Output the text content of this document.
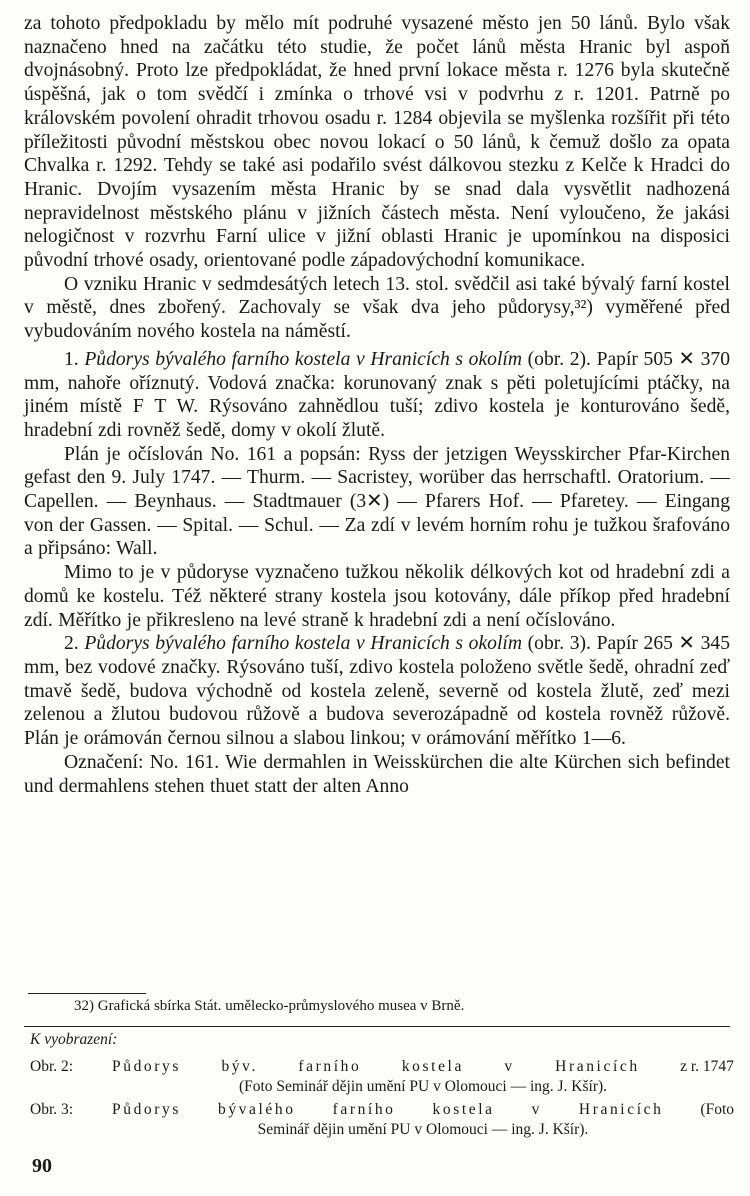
za tohoto předpokladu by mělo mít podruhé vysazené město jen 50 lánů. Bylo však naznačeno hned na začátku této studie, že počet lánů města Hranic byl aspoň dvojnásobný. Proto lze předpokládat, že hned první lokace města r. 1276 byla skutečně úspěšná, jak o tom svědčí i zmínka o trhové vsi v podvrhu z r. 1201. Patrně po královském povolení ohradit trhovou osadu r. 1284 objevila se myšlenka rozšířit při této příležitosti původní městskou obec novou lokací o 50 lánů, k čemuž došlo za opata Chvalka r. 1292. Tehdy se také asi podařilo svést dálkovou stezku z Kelče k Hradci do Hranic. Dvojím vysazením města Hranic by se snad dala vysvětlit nadhozená nepravidelnost městského plánu v jižních částech města. Není vyloučeno, že jakási nelogičnost v rozvrhu Farní ulice v jižní oblasti Hranic je upomínkou na disposici původní trhové osady, orientované podle západovýchodní komunikace.

O vzniku Hranic v sedmdesátých letech 13. stol. svědčil asi také bývalý farní kostel v městě, dnes zbořený. Zachovaly se však dva jeho půdorysy,³²) vyměřené před vybudováním nového kostela na náměstí.

1. Půdorys bývalého farního kostela v Hranicích s okolím (obr. 2). Papír 505 ✕ 370 mm, nahoře oříznutý. Vodová značka: korunovaný znak s pěti poletujícími ptáčky, na jiném místě F T W. Rýsováno zahnědlou tuší; zdivo kostela je konturováno šedě, hradební zdi rovněž šedě, domy v okolí žlutě.

Plán je očíslován No. 161 a popsán: Ryss der jetzigen Weysskircher Pfar-Kirchen gefast den 9. July 1747. — Thurm. — Sacristey, worüber das herrschaftl. Oratorium. — Capellen. — Beynhaus. — Stadtmauer (3✕) — Pfarers Hof. — Pfaretey. — Eingang von der Gassen. — Spital. — Schul. — Za zdí v levém horním rohu je tužkou šrafováno a připsáno: Wall.

Mimo to je v půdoryse vyznačeno tužkou několik délkových kot od hradební zdi a domů ke kostelu. Též některé strany kostela jsou kotovány, dále příkop před hradební zdí. Měřítko je přikresleno na levé straně k hradební zdi a není očíslováno.

2. Půdorys bývalého farního kostela v Hranicích s okolím (obr. 3). Papír 265 ✕ 345 mm, bez vodové značky. Rýsováno tuší, zdivo kostela položeno světle šedě, ohradní zeď tmavě šedě, budova východně od kostela zeleně, severně od kostela žlutě, zeď mezi zelenou a žlutou budovou růžově a budova severozápadně od kostela rovněž růžově. Plán je orámován černou silnou a slabou linkou; v orámování měřítko 1—6.

Označení: No. 161. Wie dermahlen in Weisskürchen die alte Kürchen sich befindet und dermahlens stehen thuet statt der alten Anno

32) Grafická sbírka Stát. umělecko-průmyslového musea v Brně.
K vyobrazení:
Obr. 2:	Půdorys	býv.	farního	kostela	v	Hranicích	z r. 1747
(Foto Seminář dějin umění PU v Olomouci — ing. J. Kšír).
Obr. 3:	Půdorys bývalého farního kostela v Hranicích (Foto
Seminář dějin umění PU v Olomouci — ing. J. Kšír).
90
